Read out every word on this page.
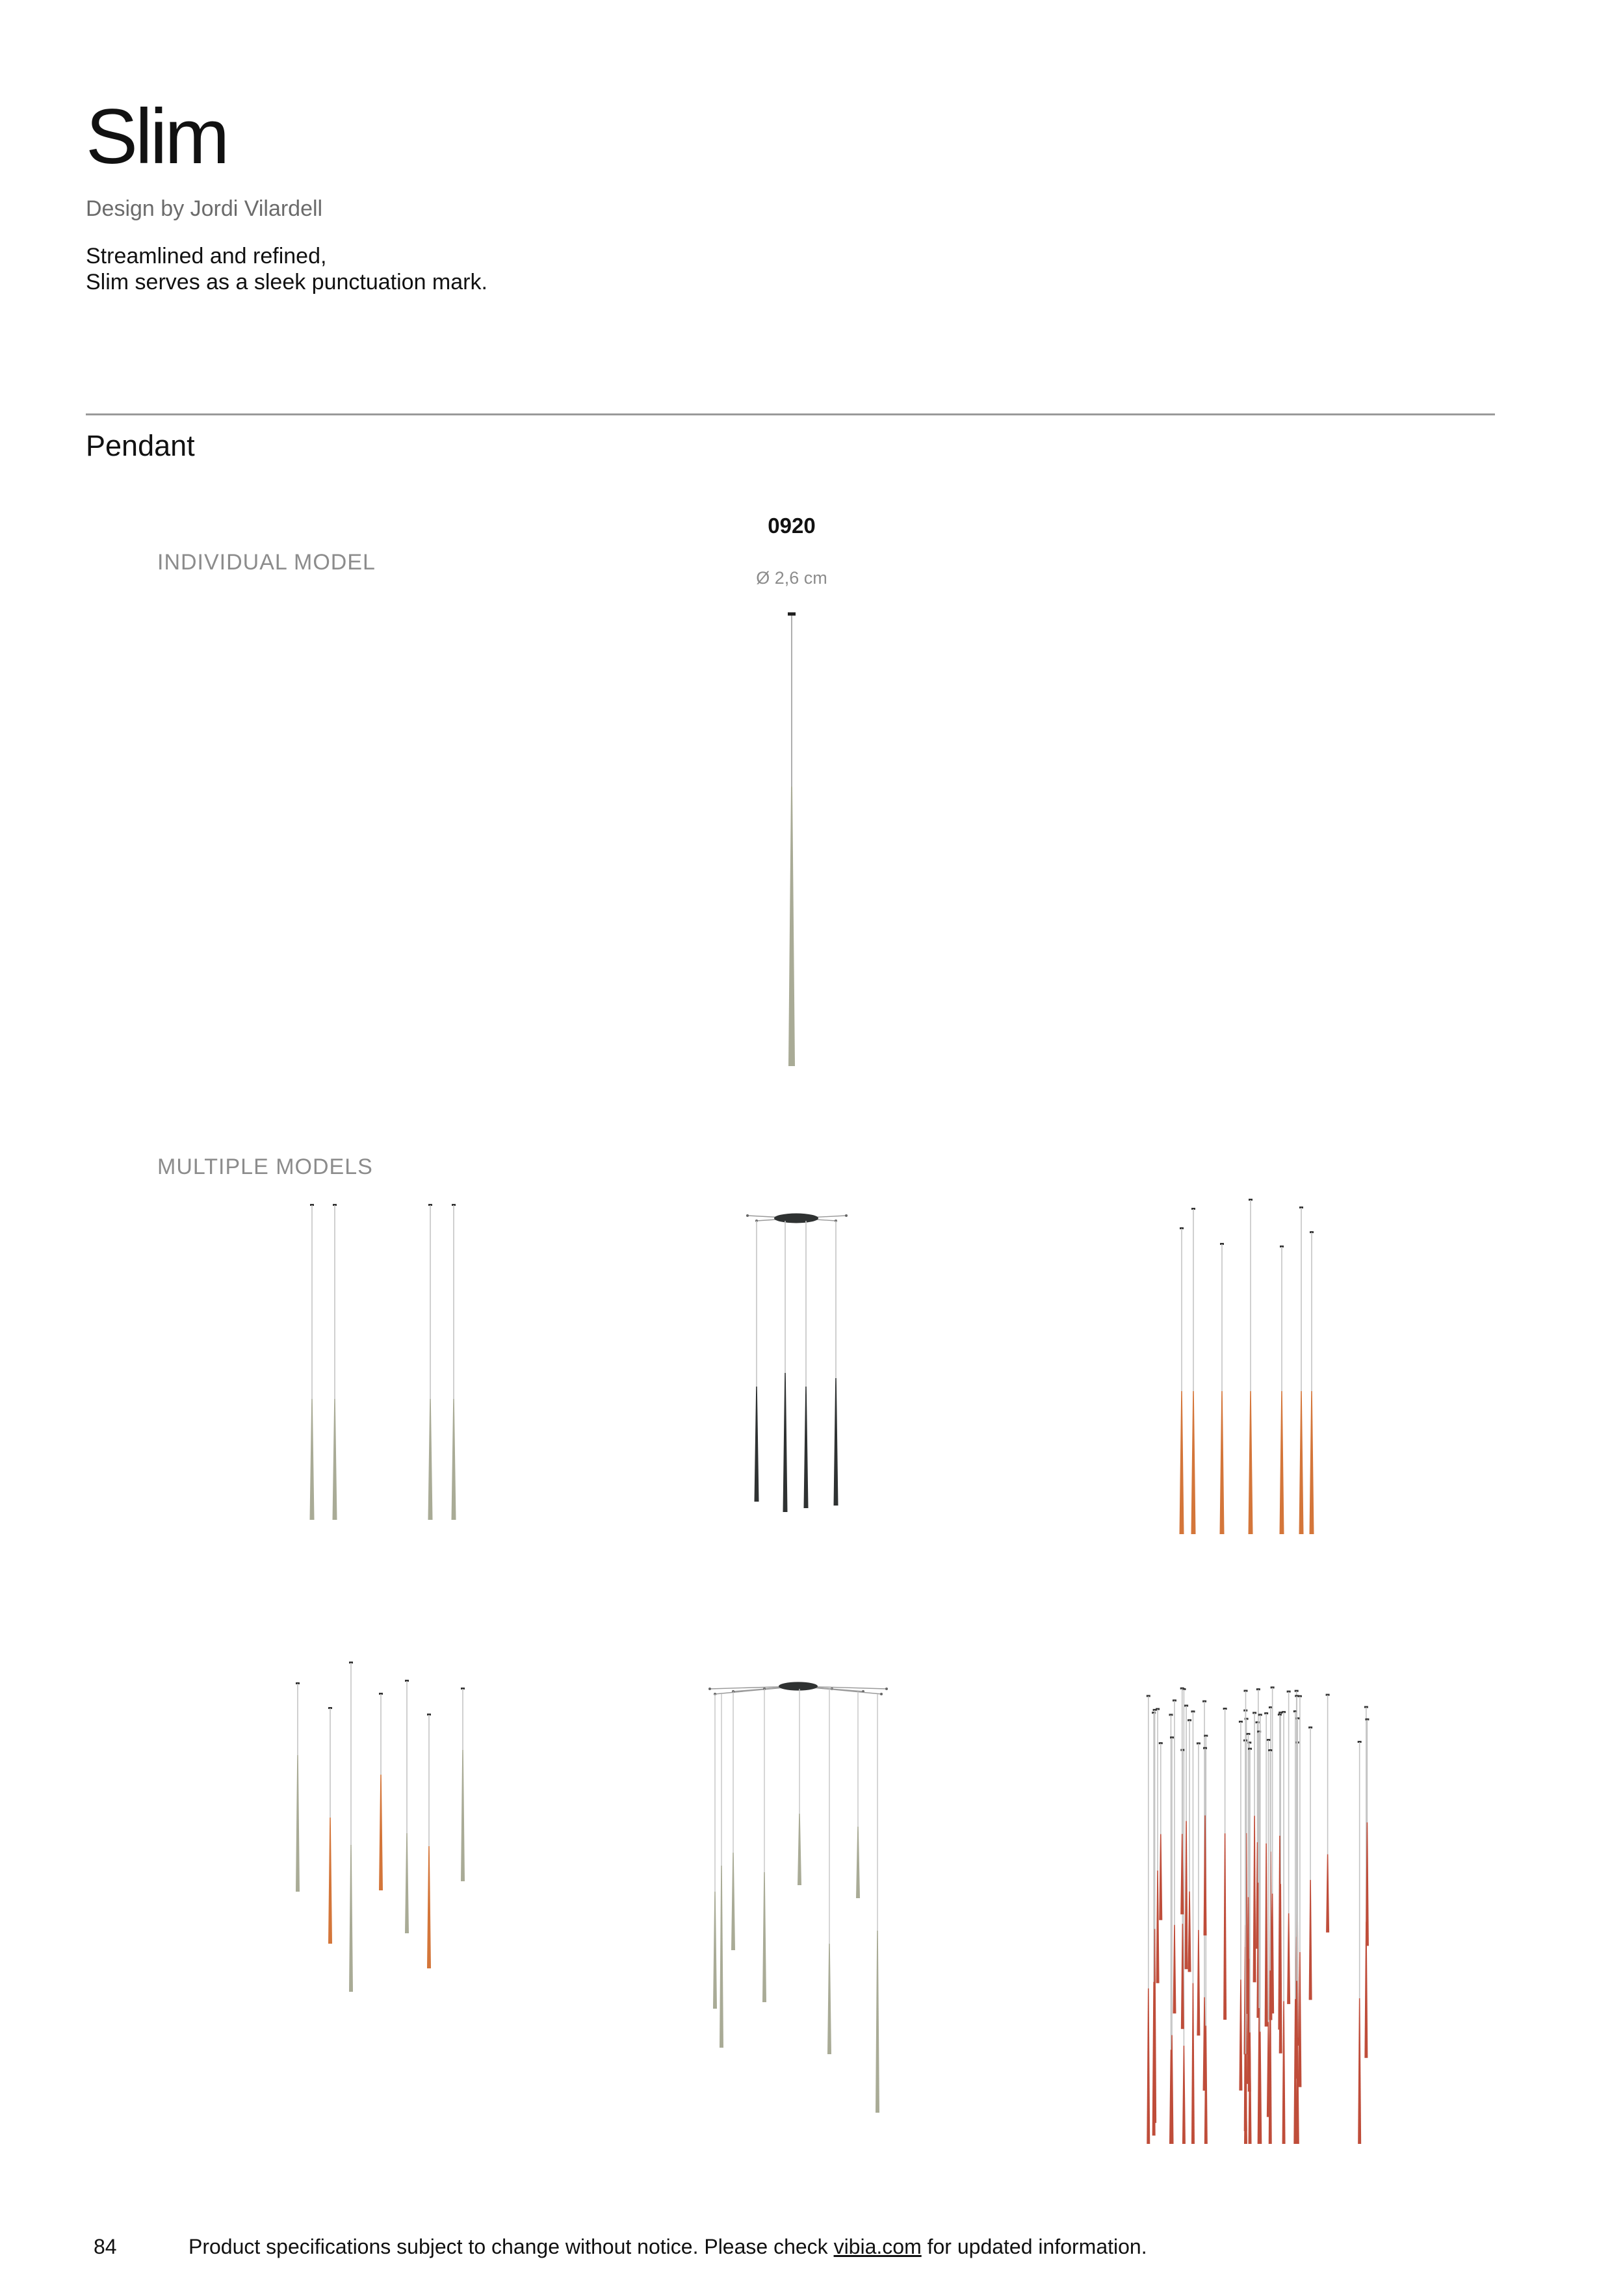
Slim
Design by Jordi Vilardell
Streamlined and refined,
Slim serves as a sleek punctuation mark.
Pendant
INDIVIDUAL MODEL
0920
Ø 2,6 cm
MULTIPLE MODELS
84	Product specifications subject to change without notice. Please check vibia.com for updated information.
